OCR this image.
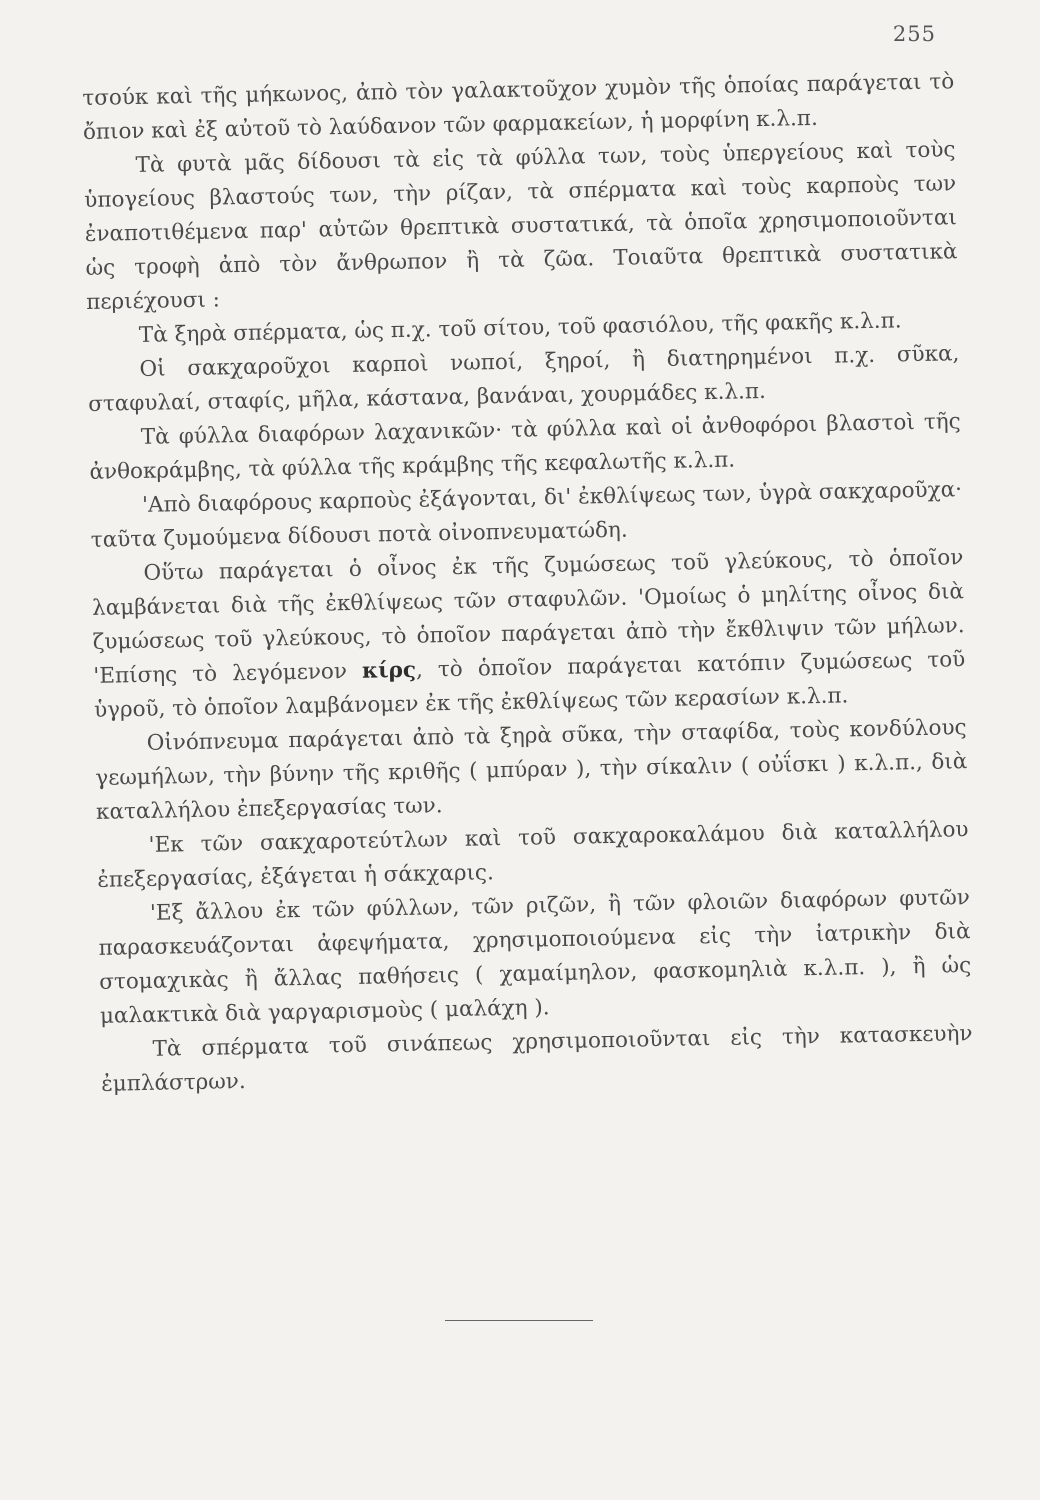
255

τσούκ καὶ τῆς μήκωνος, ἀπὸ τὸν γαλακτοῦχον χυμὸν τῆς ὁποίας παράγεται τὸ ὄπιον καὶ ἐξ αὐτοῦ τὸ λαύδανον τῶν φαρμακείων, ἡ μορφίνη κ.λ.π.

Τὰ φυτὰ μᾶς δίδουσι τὰ εἰς τὰ φύλλα των, τοὺς ὑπεργείους καὶ τοὺς ὑπογείους βλαστούς των, τὴν ρίζαν, τὰ σπέρματα καὶ τοὺς καρποὺς των ἐναποτιθέμενα παρ' αὐτῶν θρεπτικὰ συστατικά, τὰ ὁποῖα χρησιμοποιοῦνται ὡς τροφὴ ἀπὸ τὸν ἄνθρωπον ἢ τὰ ζῶα. Τοιαῦτα θρεπτικὰ συστατικὰ περιέχουσι :

Τὰ ξηρὰ σπέρματα, ὡς π.χ. τοῦ σίτου, τοῦ φασιόλου, τῆς φακῆς κ.λ.π.

Οἱ σακχαροῦχοι καρποὶ νωποί, ξηροί, ἢ διατηρημένοι π.χ. σῦκα, σταφυλαί, σταφίς, μῆλα, κάστανα, βανάναι, χουρμάδες κ.λ.π.

Τὰ φύλλα διαφόρων λαχανικῶν· τὰ φύλλα καὶ οἱ ἀνθοφόροι βλαστοὶ τῆς ἀνθοκράμβης, τὰ φύλλα τῆς κράμβης τῆς κεφαλωτῆς κ.λ.π.

'Απὸ διαφόρους καρποὺς ἐξάγονται, δι' ἐκθλίψεως των, ὑγρὰ σακχαροῦχα· ταῦτα ζυμούμενα δίδουσι ποτὰ οἰνοπνευματώδη.

Οὕτω παράγεται ὁ οἶνος ἐκ τῆς ζυμώσεως τοῦ γλεύκους, τὸ ὁποῖον λαμβάνεται διὰ τῆς ἐκθλίψεως τῶν σταφυλῶν. 'Ομοίως ὁ μηλίτης οἶνος διὰ ζυμώσεως τοῦ γλεύκους, τὸ ὁποῖον παράγεται ἀπὸ τὴν ἔκθλιψιν τῶν μήλων. 'Επίσης τὸ λεγόμενον κίρς, τὸ ὁποῖον παράγεται κατόπιν ζυμώσεως τοῦ ὑγροῦ, τὸ ὁποῖον λαμβάνομεν ἐκ τῆς ἐκθλίψεως τῶν κερασίων κ.λ.π.

Οἰνόπνευμα παράγεται ἀπὸ τὰ ξηρὰ σῦκα, τὴν σταφίδα, τοὺς κονδύλους γεωμήλων, τὴν βύνην τῆς κριθῆς ( μπύραν ), τὴν σίκαλιν ( οὐΐσκι ) κ.λ.π., διὰ καταλλήλου ἐπεξεργασίας των.

'Εκ τῶν σακχαροτεύτλων καὶ τοῦ σακχαροκαλάμου διὰ καταλλήλου ἐπεξεργασίας, ἐξάγεται ἡ σάκχαρις.

'Εξ ἄλλου ἐκ τῶν φύλλων, τῶν ριζῶν, ἢ τῶν φλοιῶν διαφόρων φυτῶν παρασκευάζονται ἀφεψήματα, χρησιμοποιούμενα εἰς τὴν ἰατρικὴν διὰ στομαχικὰς ἢ ἄλλας παθήσεις ( χαμαίμηλον, φασκομηλιὰ κ.λ.π. ), ἢ ὡς μαλακτικὰ διὰ γαργαρισμοὺς ( μαλάχη ).

Τὰ σπέρματα τοῦ σινάπεως χρησιμοποιοῦνται εἰς τὴν κατασκευὴν ἐμπλάστρων.
